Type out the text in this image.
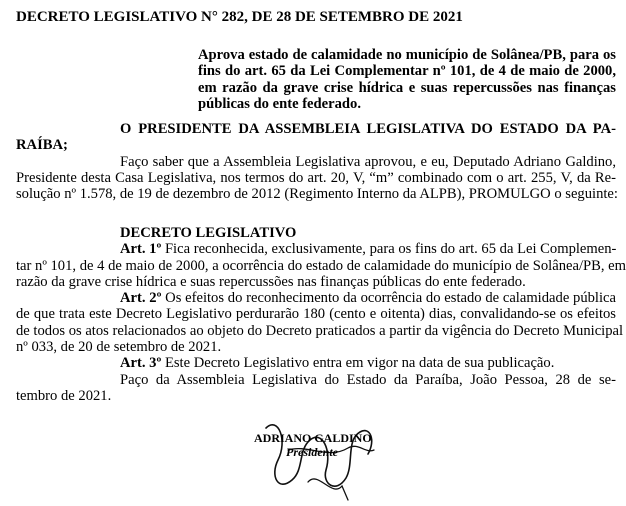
DECRETO LEGISLATIVO N° 282, DE 28 DE SETEMBRO DE 2021
Aprova estado de calamidade no município de Solânea/PB, para os fins do art. 65 da Lei Complementar nº 101, de 4 de maio de 2000, em razão da grave crise hídrica e suas repercussões nas finanças públicas do ente federado.
O PRESIDENTE DA ASSEMBLEIA LEGISLATIVA DO ESTADO DA PA-
RAÍBA;
Faço saber que a Assembleia Legislativa aprovou, e eu, Deputado Adriano Galdino,
Presidente desta Casa Legislativa, nos termos do art. 20, V, “m” combinado com o art. 255, V, da Re-
solução nº 1.578, de 19 de dezembro de 2012 (Regimento Interno da ALPB), PROMULGO o seguinte:
DECRETO LEGISLATIVO
Art. 1º Fica reconhecida, exclusivamente, para os fins do art. 65 da Lei Complemen-
tar nº 101, de 4 de maio de 2000, a ocorrência do estado de calamidade do município de Solânea/PB, em
razão da grave crise hídrica e suas repercussões nas finanças públicas do ente federado.
Art. 2º Os efeitos do reconhecimento da ocorrência do estado de calamidade pública
de que trata este Decreto Legislativo perdurarão 180 (cento e oitenta) dias, convalidando-se os efeitos
de todos os atos relacionados ao objeto do Decreto praticados a partir da vigência do Decreto Municipal
nº 033, de 20 de setembro de 2021.
Art. 3º Este Decreto Legislativo entra em vigor na data de sua publicação.
Paço da Assembleia Legislativa do Estado da Paraíba, João Pessoa, 28 de se-
tembro de 2021.
ADRIANO GALDINO
Presidente
